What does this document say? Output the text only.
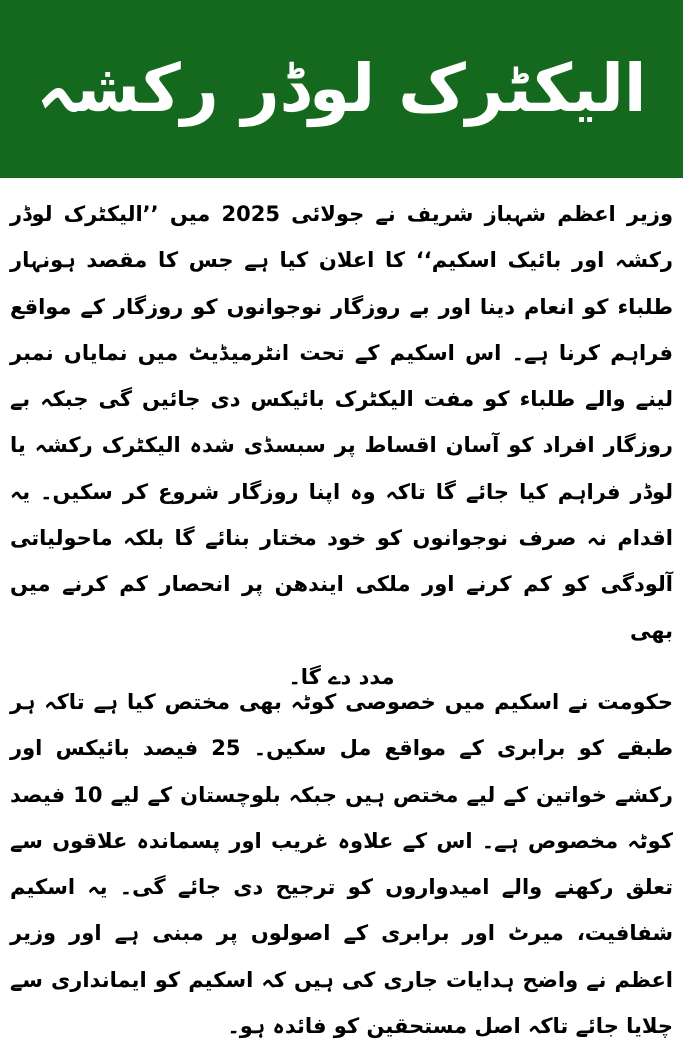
الیکٹرک لوڈر رکشہ

وزیر اعظم شہباز شریف نے جولائی 2025 میں ’’الیکٹرک لوڈر رکشہ اور بائیک اسکیم‘‘ کا اعلان کیا ہے جس کا مقصد ہونہار طلباء کو انعام دینا اور بے روزگار نوجوانوں کو روزگار کے مواقع فراہم کرنا ہے۔ اس اسکیم کے تحت انٹرمیڈیٹ میں نمایاں نمبر لینے والے طلباء کو مفت الیکٹرک بائیکس دی جائیں گی جبکہ بے روزگار افراد کو آسان اقساط پر سبسڈی شدہ الیکٹرک رکشہ یا لوڈر فراہم کیا جائے گا تاکہ وہ اپنا روزگار شروع کر سکیں۔ یہ اقدام نہ صرف نوجوانوں کو خود مختار بنائے گا بلکہ ماحولیاتی آلودگی کو کم کرنے اور ملکی ایندھن پر انحصار کم کرنے میں بھی
مدد دے گا۔

حکومت نے اسکیم میں خصوصی کوٹہ بھی مختص کیا ہے تاکہ ہر طبقے کو برابری کے مواقع مل سکیں۔ 25 فیصد بائیکس اور رکشے خواتین کے لیے مختص ہیں جبکہ بلوچستان کے لیے 10 فیصد کوٹہ مخصوص ہے۔ اس کے علاوہ غریب اور پسماندہ علاقوں سے تعلق رکھنے والے امیدواروں کو ترجیح دی جائے گی۔ یہ اسکیم شفافیت، میرٹ اور برابری کے اصولوں پر مبنی ہے اور وزیر اعظم نے واضح ہدایات جاری کی ہیں کہ اسکیم کو ایمانداری سے چلایا جائے تاکہ اصل مستحقین کو فائدہ ہو۔
